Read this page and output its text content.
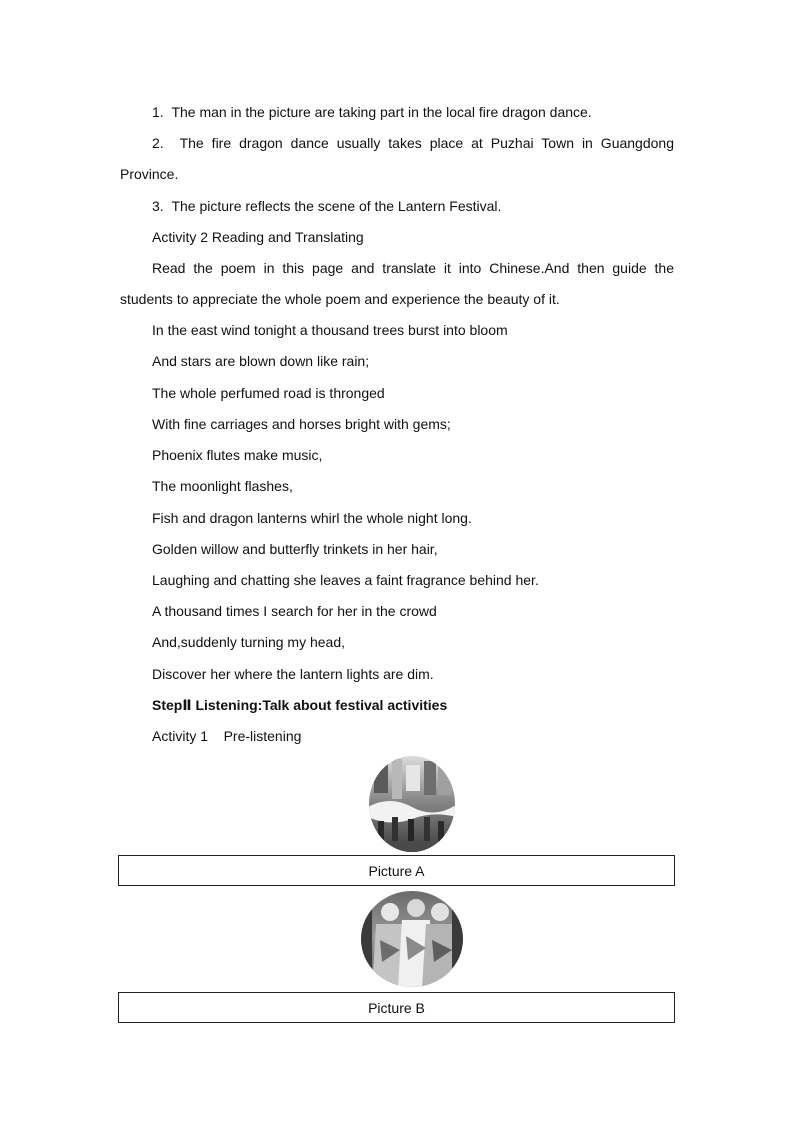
1.  The man in the picture are taking part in the local fire dragon dance.
2.  The fire dragon dance usually takes place at Puzhai Town in Guangdong
Province.
3.  The picture reflects the scene of the Lantern Festival.
Activity 2 Reading and Translating
Read the poem in this page and translate it into Chinese.And then guide the
students to appreciate the whole poem and experience the beauty of it.
In the east wind tonight a thousand trees burst into bloom
And stars are blown down like rain;
The whole perfumed road is thronged
With fine carriages and horses bright with gems;
Phoenix flutes make music,
The moonlight flashes,
Fish and dragon lanterns whirl the whole night long.
Golden willow and butterfly trinkets in her hair,
Laughing and chatting she leaves a faint fragrance behind her.
A thousand times I search for her in the crowd
And,suddenly turning my head,
Discover her where the lantern lights are dim.
StepⅡ Listening:Talk about festival activities
Activity 1    Pre-listening
Picture A
Picture B
